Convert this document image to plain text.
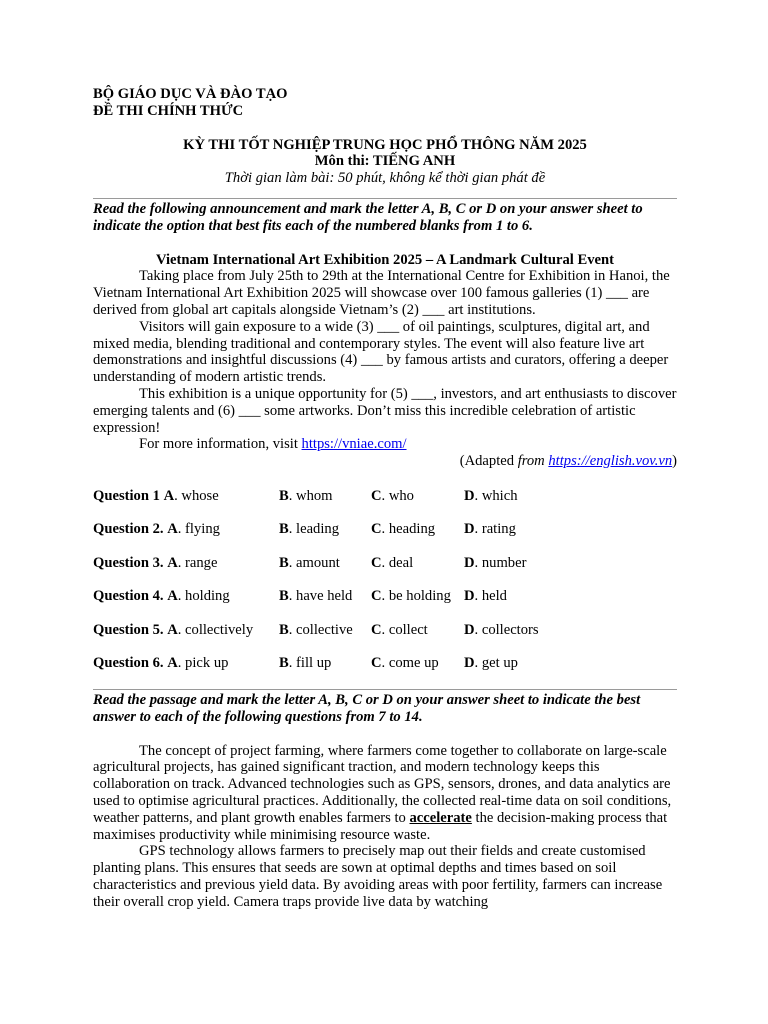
BỘ GIÁO DỤC VÀ ĐÀO TẠO
ĐỀ THI CHÍNH THỨC
KỲ THI TỐT NGHIỆP TRUNG HỌC PHỔ THÔNG NĂM 2025
Môn thi: TIẾNG ANH
Thời gian làm bài: 50 phút, không kể thời gian phát đề

Read the following announcement and mark the letter A, B, C or D on your answer sheet to indicate the option that best fits each of the numbered blanks from 1 to 6.

Vietnam International Art Exhibition 2025 – A Landmark Cultural Event

Taking place from July 25th to 29th at the International Centre for Exhibition in Hanoi, the Vietnam International Art Exhibition 2025 will showcase over 100 famous galleries (1) ___ are derived from global art capitals alongside Vietnam’s (2) ___ art institutions.

Visitors will gain exposure to a wide (3) ___ of oil paintings, sculptures, digital art, and mixed media, blending traditional and contemporary styles. The event will also feature live art demonstrations and insightful discussions (4) ___ by famous artists and curators, offering a deeper understanding of modern artistic trends.

This exhibition is a unique opportunity for (5) ___, investors, and art enthusiasts to discover emerging talents and (6) ___ some artworks. Don’t miss this incredible celebration of artistic expression!

For more information, visit https://vniae.com/

(Adapted from https://english.vov.vn)

Question 1 A. whose	B. whom	C. who	D. which
Question 2. A. flying	B. leading C. heading D. rating
Question 3. A. range	B. amount C. deal	D. number
Question 4. A. holding	B. have held C. be holding D. held
Question 5. A. collectively B. collective C. collect D. collectors
Question 6. A. pick up	B. fill up	C. come up D. get up

Read the passage and mark the letter A, B, C or D on your answer sheet to indicate the best answer to each of the following questions from 7 to 14.

The concept of project farming, where farmers come together to collaborate on large-scale agricultural projects, has gained significant traction, and modern technology keeps this collaboration on track. Advanced technologies such as GPS, sensors, drones, and data analytics are used to optimise agricultural practices. Additionally, the collected real-time data on soil conditions, weather patterns, and plant growth enables farmers to accelerate the decision-making process that maximises productivity while minimising resource waste.

GPS technology allows farmers to precisely map out their fields and create customised planting plans. This ensures that seeds are sown at optimal depths and times based on soil characteristics and previous yield data. By avoiding areas with poor fertility, farmers can increase their overall crop yield. Camera traps provide live data by watching
